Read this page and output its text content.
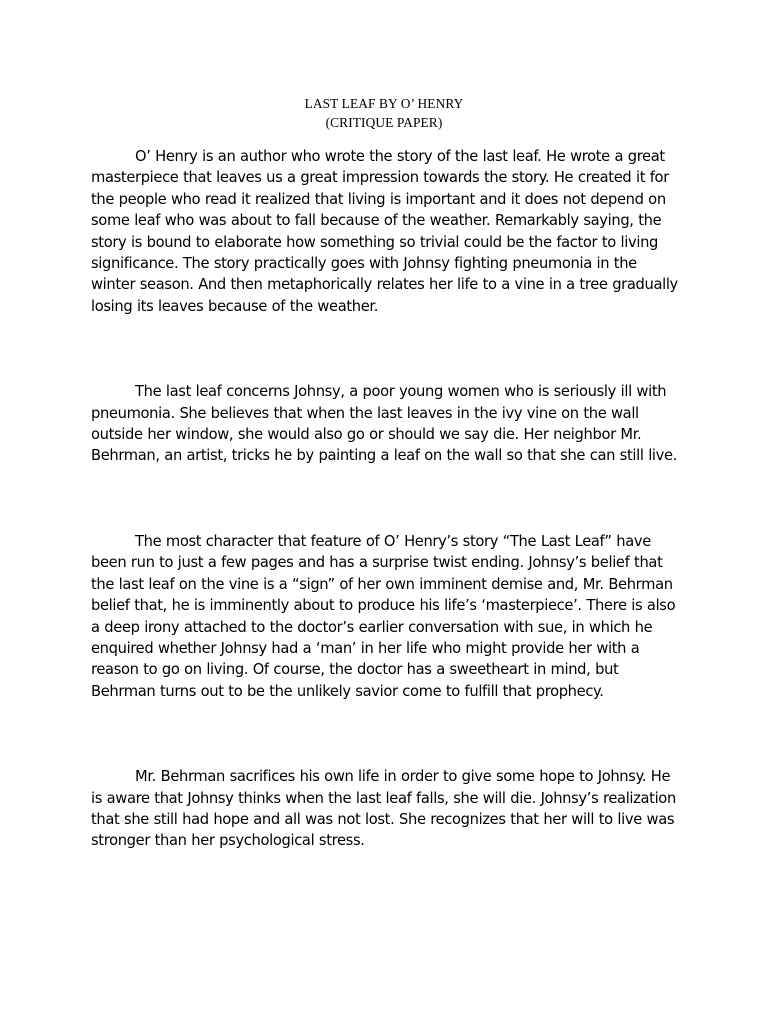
LAST LEAF BY O’ HENRY
(CRITIQUE PAPER)

O’ Henry is an author who wrote the story of the last leaf. He wrote a great masterpiece that leaves us a great impression towards the story. He created it for the people who read it realized that living is important and it does not depend on some leaf who was about to fall because of the weather. Remarkably saying, the story is bound to elaborate how something so trivial could be the factor to living significance. The story practically goes with Johnsy fighting pneumonia in the winter season. And then metaphorically relates her life to a vine in a tree gradually losing its leaves because of the weather.

The last leaf concerns Johnsy, a poor young women who is seriously ill with pneumonia. She believes that when the last leaves in the ivy vine on the wall outside her window, she would also go or should we say die. Her neighbor Mr. Behrman, an artist, tricks he by painting a leaf on the wall so that she can still live.

The most character that feature of O’ Henry’s story “The Last Leaf” have been run to just a few pages and has a surprise twist ending. Johnsy’s belief that the last leaf on the vine is a “sign” of her own imminent demise and, Mr. Behrman belief that, he is imminently about to produce his life’s ‘masterpiece’. There is also a deep irony attached to the doctor’s earlier conversation with sue, in which he enquired whether Johnsy had a ‘man’ in her life who might provide her with a reason to go on living. Of course, the doctor has a sweetheart in mind, but Behrman turns out to be the unlikely savior come to fulfill that prophecy.

Mr. Behrman sacrifices his own life in order to give some hope to Johnsy. He is aware that Johnsy thinks when the last leaf falls, she will die. Johnsy’s realization that she still had hope and all was not lost. She recognizes that her will to live was stronger than her psychological stress.
